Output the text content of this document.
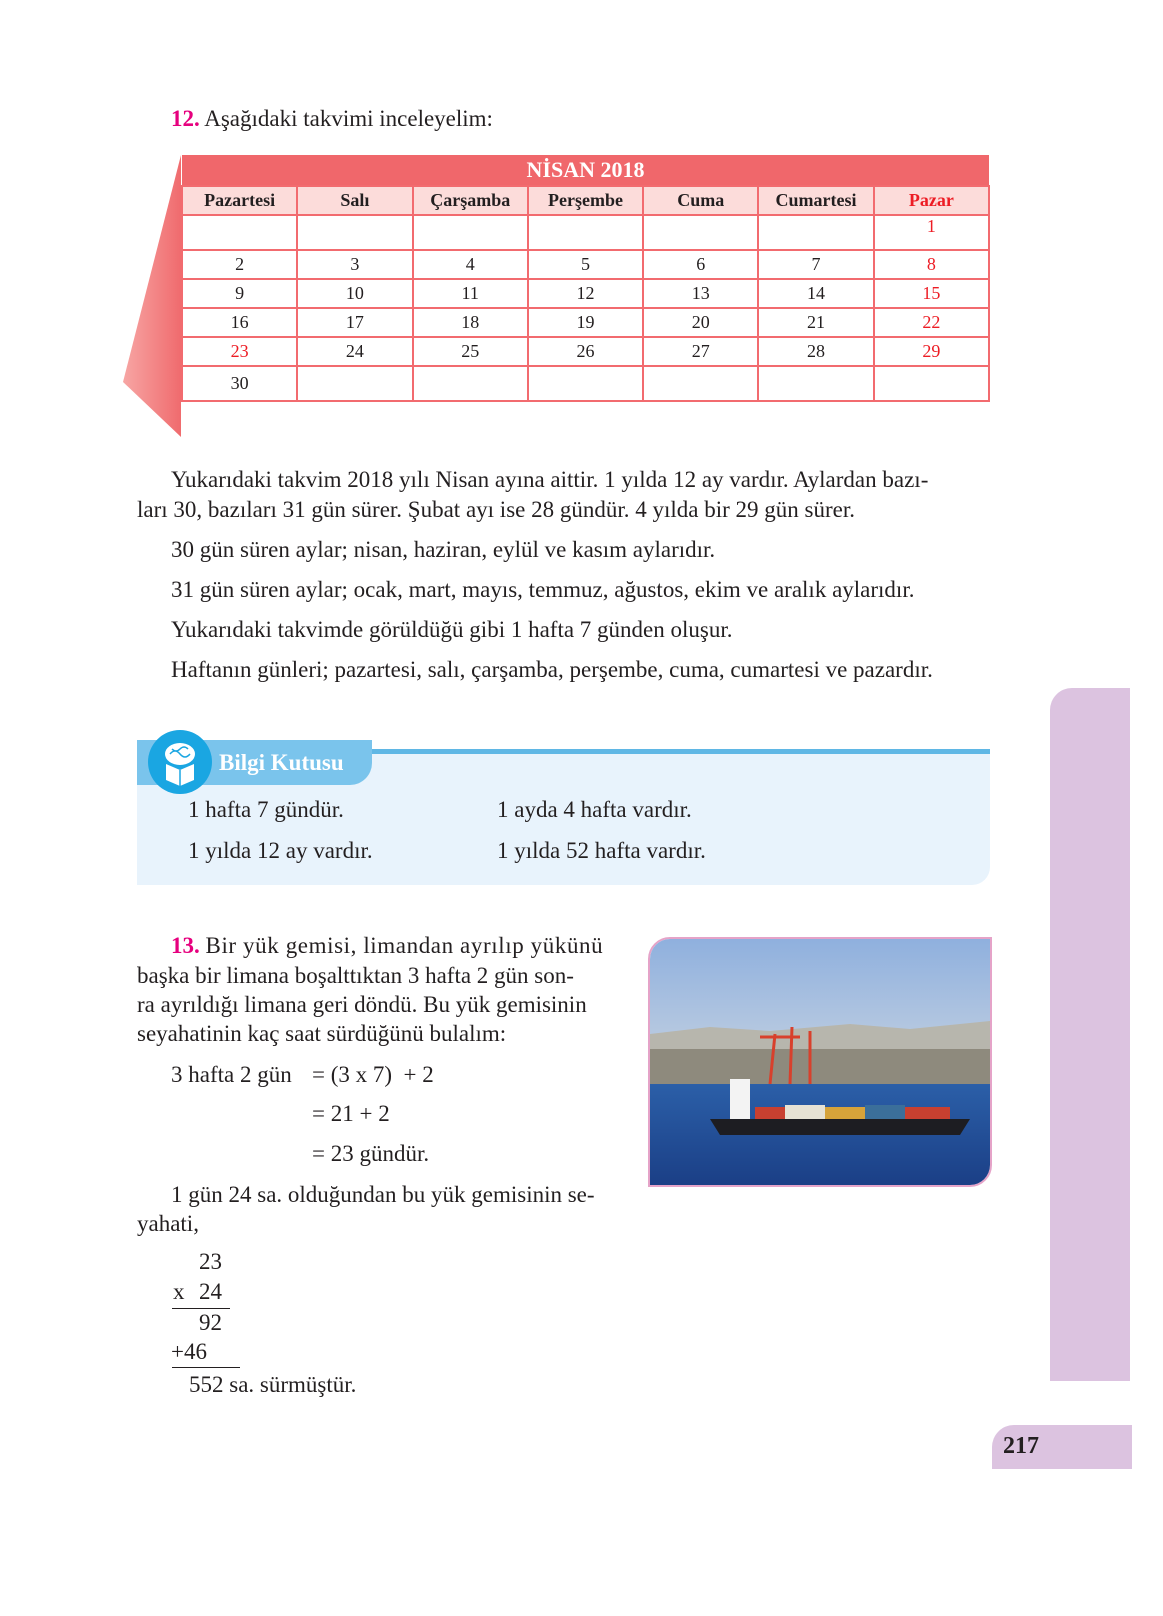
12. Aşağıdaki takvimi inceleyelim:
NİSAN 2018						
Pazartesi	Salı	Çarşamba	Perşembe	Cuma	Cumartesi	Pazar
						1
2	3	4	5	6	7	8
9	10	11	12	13	14	15
16	17	18	19	20	21	22
23	24	25	26	27	28	29
30						

Yukarıdaki takvim 2018 yılı Nisan ayına aittir. 1 yılda 12 ay vardır. Aylardan bazı-

ları 30, bazıları 31 gün sürer. Şubat ayı ise 28 gündür. 4 yılda bir 29 gün sürer.

30 gün süren aylar; nisan, haziran, eylül ve kasım aylarıdır.

31 gün süren aylar; ocak, mart, mayıs, temmuz, ağustos, ekim ve aralık aylarıdır.

Yukarıdaki takvimde görüldüğü gibi 1 hafta 7 günden oluşur.

Haftanın günleri; pazartesi, salı, çarşamba, perşembe, cuma, cumartesi ve pazardır.

Bilgi Kutusu
1 hafta 7 gündür.	1 ayda 4 hafta vardır.
1 yılda 12 ay vardır.	1 yılda 52 hafta vardır.
13. Bir yük gemisi, limandan ayrılıp yükünü
başka bir limana boşalttıktan 3 hafta 2 gün son-
ra ayrıldığı limana geri döndü. Bu yük gemisinin
seyahatinin kaç saat sürdüğünü bulalım:
3 hafta 2 gün = (3 x 7)  + 2
= 21 + 2
= 23 gündür.
1 gün 24 sa. olduğundan bu yük gemisinin se-
yahati,
23
x 24
92
+46
552 sa. sürmüştür.
217
